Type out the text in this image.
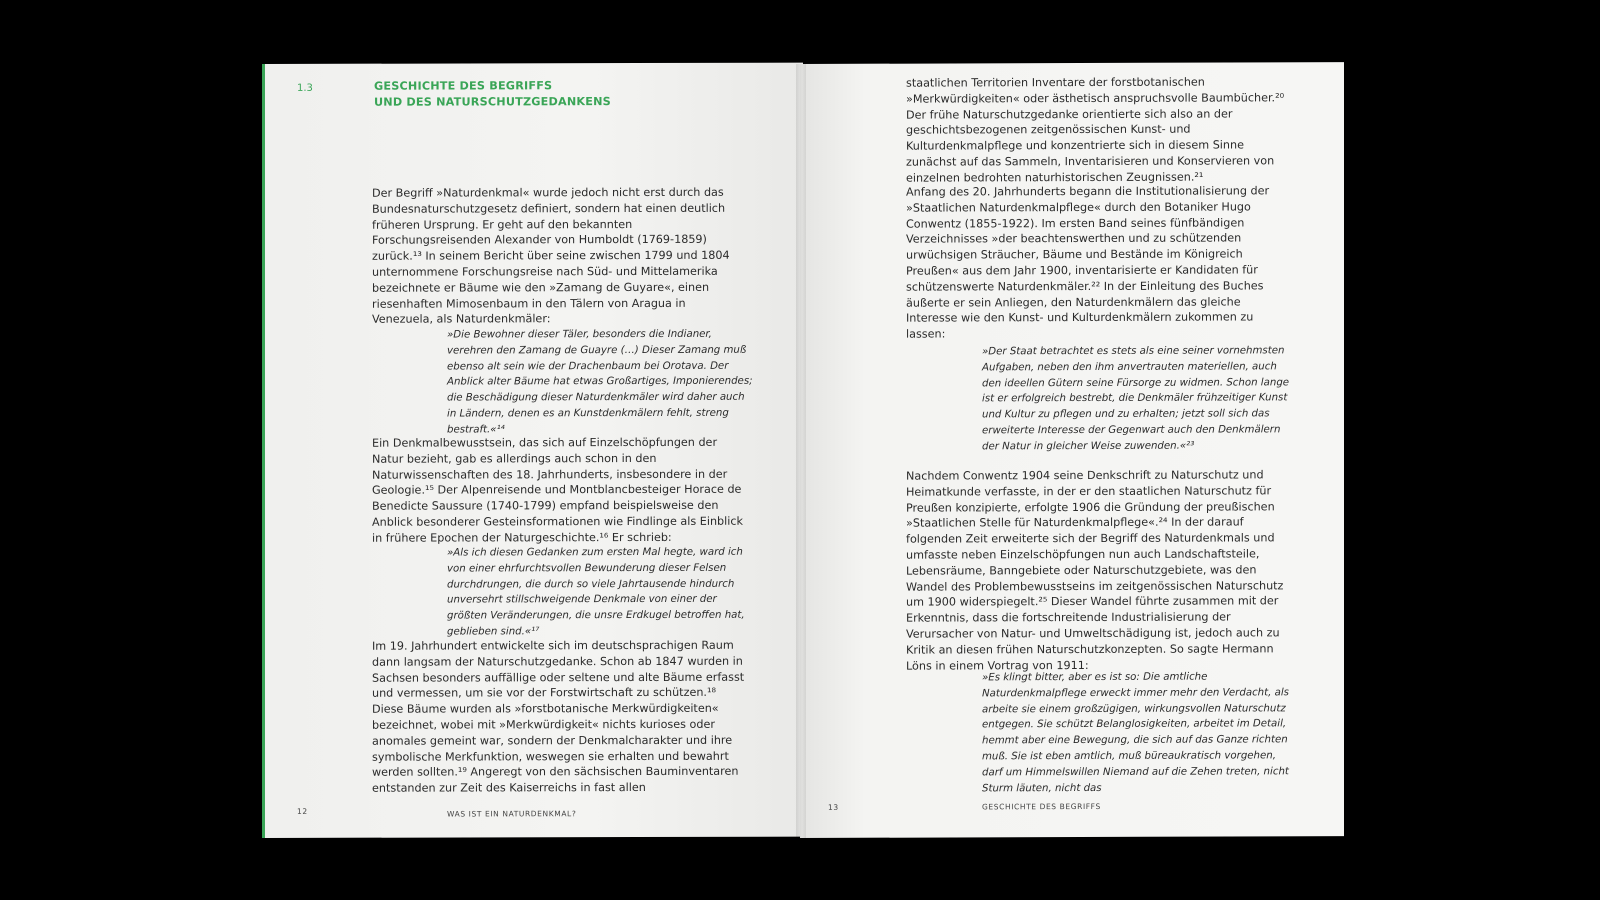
1.3	GESCHICHTE DES BEGRIFFS
UND DES NATURSCHUTZGEDANKENS

Der Begriff »Naturdenkmal« wurde jedoch nicht erst durch das Bundesnaturschutzgesetz definiert, sondern hat einen deutlich früheren Ursprung. Er geht auf den bekannten Forschungsreisenden Alexander von Humboldt (1769-1859) zurück.¹³ In seinem Bericht über seine zwischen 1799 und 1804 unternommene Forschungsreise nach Süd- und Mittelamerika bezeichnete er Bäume wie den »Zamang de Guyare«, einen riesenhaften Mimosenbaum in den Tälern von Aragua in Venezuela, als Naturdenkmäler:

»Die Bewohner dieser Täler, besonders die Indianer, verehren den Zamang de Guayre (…) Dieser Zamang muß ebenso alt sein wie der Drachenbaum bei Orotava. Der Anblick alter Bäume hat etwas Großartiges, Imponierendes; die Beschädigung dieser Naturdenkmäler wird daher auch in Ländern, denen es an Kunstdenkmälern fehlt, streng bestraft.«¹⁴

Ein Denkmalbewusstsein, das sich auf Einzelschöpfungen der Natur bezieht, gab es allerdings auch schon in den Naturwissenschaften des 18. Jahrhunderts, insbesondere in der Geologie.¹⁵ Der Alpenreisende und Montblancbesteiger Horace de Benedicte Saussure (1740-1799) empfand beispielsweise den Anblick besonderer Gesteinsformationen wie Findlinge als Einblick in frühere Epochen der Naturgeschichte.¹⁶ Er schrieb:

»Als ich diesen Gedanken zum ersten Mal hegte, ward ich von einer ehrfurchtsvollen Bewunderung dieser Felsen durchdrungen, die durch so viele Jahrtausende hindurch unversehrt stillschweigende Denkmale von einer der größten Veränderungen, die unsre Erdkugel betroffen hat, geblieben sind.«¹⁷

Im 19. Jahrhundert entwickelte sich im deutschsprachigen Raum dann langsam der Naturschutzgedanke. Schon ab 1847 wurden in Sachsen besonders auffällige oder seltene und alte Bäume erfasst und vermessen, um sie vor der Forstwirtschaft zu schützen.¹⁸ Diese Bäume wurden als »forstbotanische Merkwürdigkeiten« bezeichnet, wobei mit »Merkwürdigkeit« nichts kurioses oder anomales gemeint war, sondern der Denkmalcharakter und ihre symbolische Merkfunktion, weswegen sie erhalten und bewahrt werden sollten.¹⁹ Angeregt von den sächsischen Bauminventaren entstanden zur Zeit des Kaiserreichs in fast allen

12	WAS IST EIN NATURDENKMAL?

staatlichen Territorien Inventare der forstbotanischen »Merkwürdigkeiten« oder ästhetisch anspruchsvolle Baumbücher.²⁰ Der frühe Naturschutzgedanke orientierte sich also an der geschichtsbezogenen zeitgenössischen Kunst- und Kulturdenkmalpflege und konzentrierte sich in diesem Sinne zunächst auf das Sammeln, Inventarisieren und Konservieren von einzelnen bedrohten naturhistorischen Zeugnissen.²¹

Anfang des 20. Jahrhunderts begann die Institutionalisierung der »Staatlichen Naturdenkmalpflege« durch den Botaniker Hugo Conwentz (1855-1922). Im ersten Band seines fünfbändigen Verzeichnisses »der beachtenswerthen und zu schützenden urwüchsigen Sträucher, Bäume und Bestände im Königreich Preußen« aus dem Jahr 1900, inventarisierte er Kandidaten für schützenswerte Naturdenkmäler.²² In der Einleitung des Buches äußerte er sein Anliegen, den Naturdenkmälern das gleiche Interesse wie den Kunst- und Kulturdenkmälern zukommen zu lassen:

»Der Staat betrachtet es stets als eine seiner vornehmsten Aufgaben, neben den ihm anvertrauten materiellen, auch den ideellen Gütern seine Fürsorge zu widmen. Schon lange ist er erfolgreich bestrebt, die Denkmäler frühzeitiger Kunst und Kultur zu pflegen und zu erhalten; jetzt soll sich das erweiterte Interesse der Gegenwart auch den Denkmälern der Natur in gleicher Weise zuwenden.«²³

Nachdem Conwentz 1904 seine Denkschrift zu Naturschutz und Heimatkunde verfasste, in der er den staatlichen Naturschutz für Preußen konzipierte, erfolgte 1906 die Gründung der preußischen »Staatlichen Stelle für Naturdenkmalpflege«.²⁴ In der darauf folgenden Zeit erweiterte sich der Begriff des Naturdenkmals und umfasste neben Einzelschöpfungen nun auch Landschaftsteile, Lebensräume, Banngebiete oder Naturschutzgebiete, was den Wandel des Problembewusstseins im zeitgenössischen Naturschutz um 1900 widerspiegelt.²⁵ Dieser Wandel führte zusammen mit der Erkenntnis, dass die fortschreitende Industrialisierung der Verursacher von Natur- und Umweltschädigung ist, jedoch auch zu Kritik an diesen frühen Naturschutzkonzepten. So sagte Hermann Löns in einem Vortrag von 1911:

»Es klingt bitter, aber es ist so: Die amtliche Naturdenkmalpflege erweckt immer mehr den Verdacht, als arbeite sie einem großzügigen, wirkungsvollen Naturschutz entgegen. Sie schützt Belanglosigkeiten, arbeitet im Detail, hemmt aber eine Bewegung, die sich auf das Ganze richten muß. Sie ist eben amtlich, muß büreaukratisch vorgehen, darf um Himmelswillen Niemand auf die Zehen treten, nicht Sturm läuten, nicht das

13	GESCHICHTE DES BEGRIFFS
